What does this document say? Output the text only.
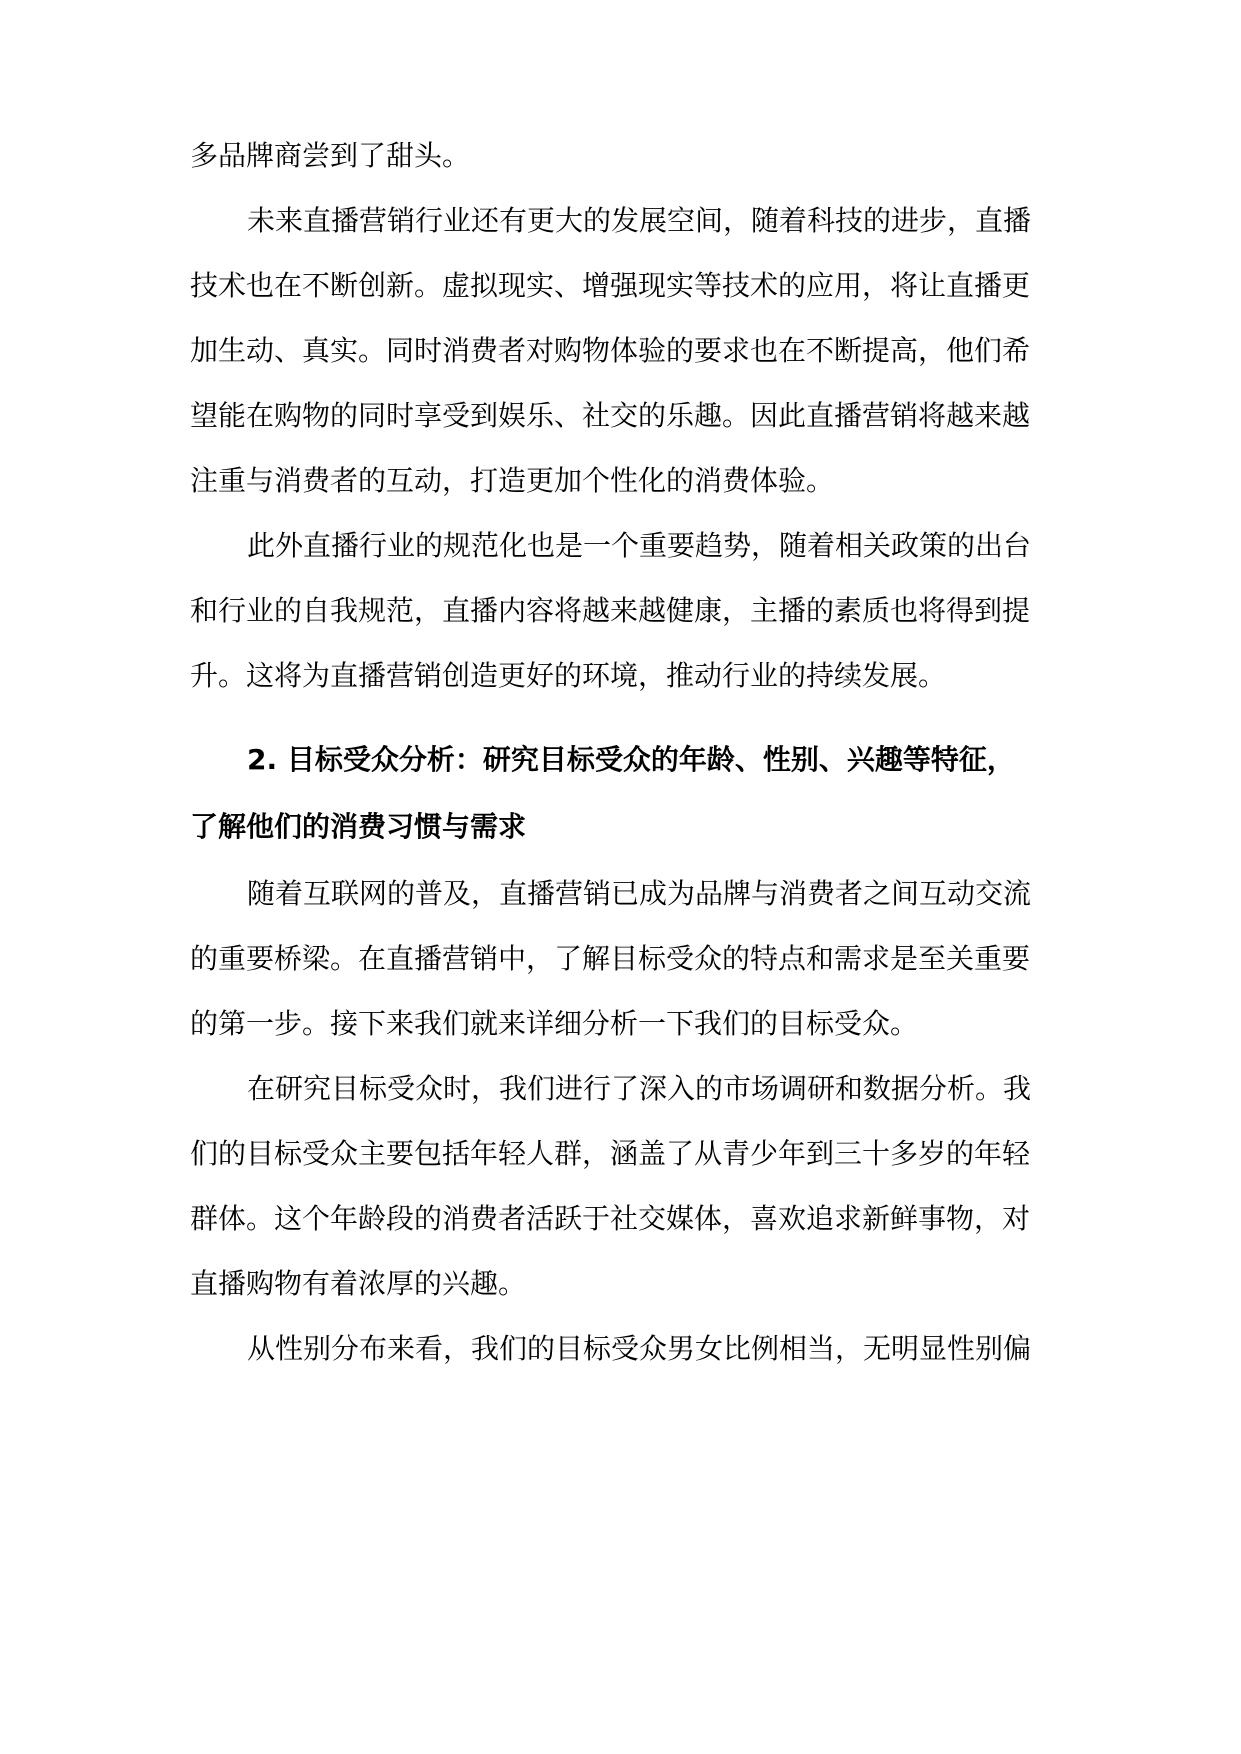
多品牌商尝到了甜头。
未来直播营销行业还有更大的发展空间，随着科技的进步，直播
技术也在不断创新。虚拟现实、增强现实等技术的应用，将让直播更
加生动、真实。同时消费者对购物体验的要求也在不断提高，他们希
望能在购物的同时享受到娱乐、社交的乐趣。因此直播营销将越来越
注重与消费者的互动，打造更加个性化的消费体验。
此外直播行业的规范化也是一个重要趋势，随着相关政策的出台
和行业的自我规范，直播内容将越来越健康，主播的素质也将得到提
升。这将为直播营销创造更好的环境，推动行业的持续发展。
2. 目标受众分析：研究目标受众的年龄、性别、兴趣等特征，
了解他们的消费习惯与需求
随着互联网的普及，直播营销已成为品牌与消费者之间互动交流
的重要桥梁。在直播营销中，了解目标受众的特点和需求是至关重要
的第一步。接下来我们就来详细分析一下我们的目标受众。
在研究目标受众时，我们进行了深入的市场调研和数据分析。我
们的目标受众主要包括年轻人群，涵盖了从青少年到三十多岁的年轻
群体。这个年龄段的消费者活跃于社交媒体，喜欢追求新鲜事物，对
直播购物有着浓厚的兴趣。
从性别分布来看，我们的目标受众男女比例相当，无明显性别偏
